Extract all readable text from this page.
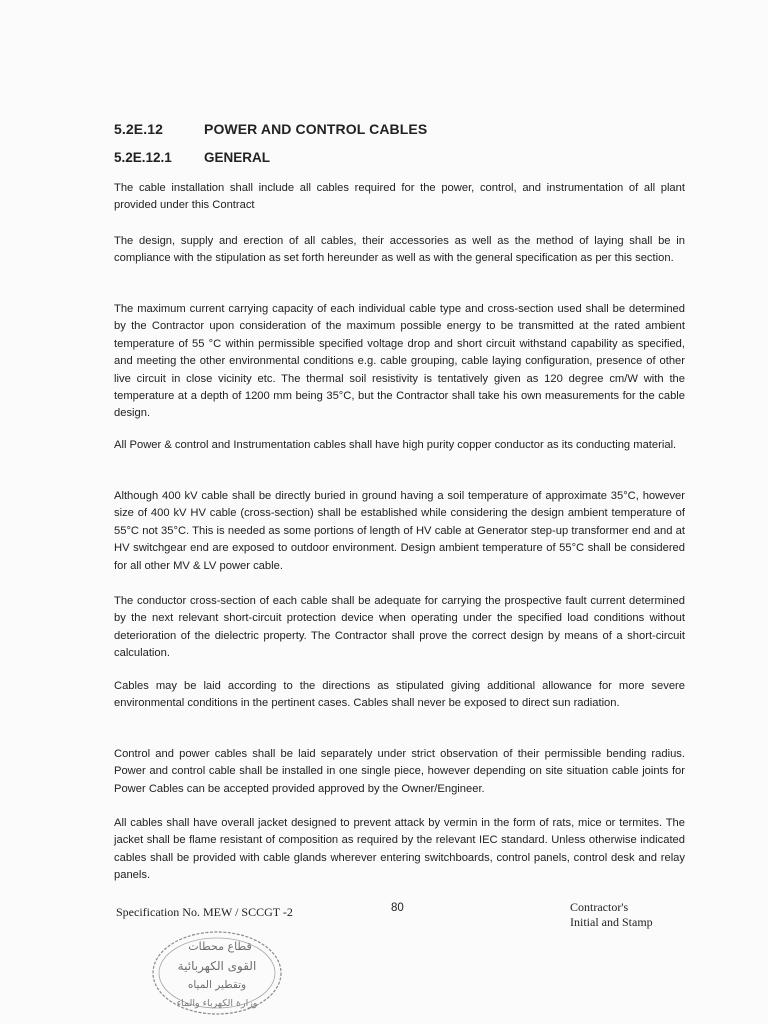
5.2E.12	POWER AND CONTROL CABLES
5.2E.12.1 GENERAL

The cable installation shall include all cables required for the power, control, and instrumentation of all plant provided under this Contract

The design, supply and erection of all cables, their accessories as well as the method of laying shall be in compliance with the stipulation as set forth hereunder as well as with the general specification as per this section.

The maximum current carrying capacity of each individual cable type and cross-section used shall be determined by the Contractor upon consideration of the maximum possible energy to be transmitted at the rated ambient temperature of 55 °C within permissible specified voltage drop and short circuit withstand capability as specified, and meeting the other environmental conditions e.g. cable grouping, cable laying configuration, presence of other live circuit in close vicinity etc. The thermal soil resistivity is tentatively given as 120 degree cm/W with the temperature at a depth of 1200 mm being 35°C, but the Contractor shall take his own measurements for the cable design.

All Power & control and Instrumentation cables shall have high purity copper conductor as its conducting material.

Although 400 kV cable shall be directly buried in ground having a soil temperature of approximate 35°C, however size of 400 kV HV cable (cross-section) shall be established while considering the design ambient temperature of 55°C not 35°C. This is needed as some portions of length of HV cable at Generator step-up transformer end and at HV switchgear end are exposed to outdoor environment. Design ambient temperature of 55°C shall be considered for all other MV & LV power cable.

The conductor cross-section of each cable shall be adequate for carrying the prospective fault current determined by the next relevant short-circuit protection device when operating under the specified load conditions without deterioration of the dielectric property. The Contractor shall prove the correct design by means of a short-circuit calculation.

Cables may be laid according to the directions as stipulated giving additional allowance for more severe environmental conditions in the pertinent cases. Cables shall never be exposed to direct sun radiation.

Control and power cables shall be laid separately under strict observation of their permissible bending radius. Power and control cable shall be installed in one single piece, however depending on site situation cable joints for Power Cables can be accepted provided approved by the Owner/Engineer.

All cables shall have overall jacket designed to prevent attack by vermin in the form of rats, mice or termites. The jacket shall be flame resistant of composition as required by the relevant IEC standard. Unless otherwise indicated cables shall be provided with cable glands wherever entering switchboards, control panels, control desk and relay panels.

Specification No. MEW / SCCGT -2	80	Contractor's
Initial and Stamp
قطاع محطات
القوى الكهربائية
وتقطير المياه
وزارة الكهرباء والماء
